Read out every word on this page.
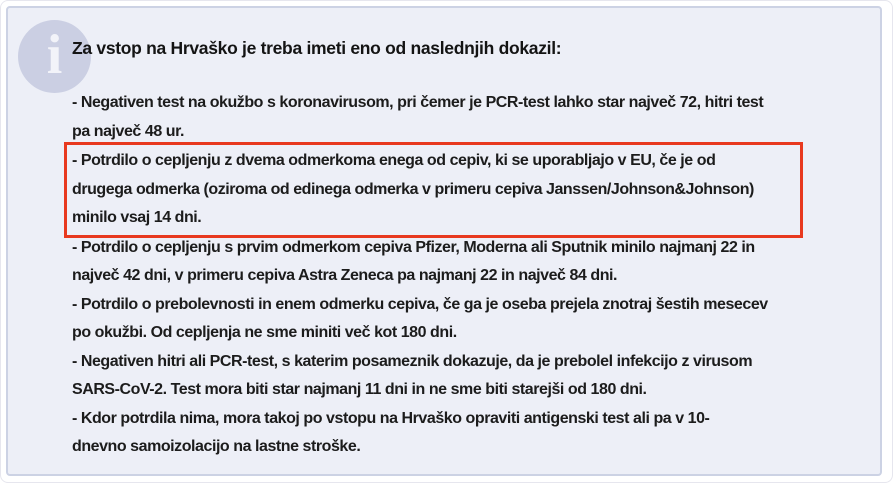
i Za vstop na Hrvaško je treba imeti eno od naslednjih dokazil:
- Negativen test na okužbo s koronavirusom, pri čemer je PCR-test lahko star največ 72, hitri test
pa največ 48 ur.
- Potrdilo o cepljenju z dvema odmerkoma enega od cepiv, ki se uporabljajo v EU, če je od
drugega odmerka (oziroma od edinega odmerka v primeru cepiva Janssen/Johnson&Johnson)
minilo vsaj 14 dni.
- Potrdilo o cepljenju s prvim odmerkom cepiva Pfizer, Moderna ali Sputnik minilo najmanj 22 in
največ 42 dni, v primeru cepiva Astra Zeneca pa najmanj 22 in največ 84 dni.
- Potrdilo o prebolevnosti in enem odmerku cepiva, če ga je oseba prejela znotraj šestih mesecev
po okužbi. Od cepljenja ne sme miniti več kot 180 dni.
- Negativen hitri ali PCR-test, s katerim posameznik dokazuje, da je prebolel infekcijo z virusom
SARS-CoV-2. Test mora biti star najmanj 11 dni in ne sme biti starejši od 180 dni.
- Kdor potrdila nima, mora takoj po vstopu na Hrvaško opraviti antigenski test ali pa v 10-
dnevno samoizolacijo na lastne stroške.
